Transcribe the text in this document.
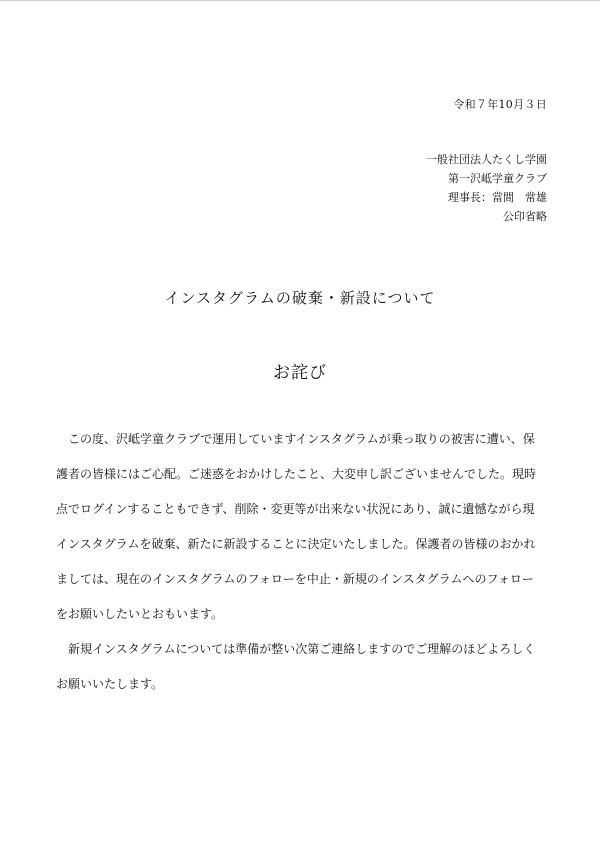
令和７年10月３日
一般社団法人たくし学園
第一沢岻学童クラブ
理事長：當間　常雄
公印省略
インスタグラムの破棄・新設について
お詫び
　この度、沢岻学童クラブで運用していますインスタグラムが乗っ取りの被害に遭い、保
護者の皆様にはご心配。ご迷惑をおかけしたこと、大変申し訳ございませんでした。現時
点でログインすることもできず、削除・変更等が出来ない状況にあり、誠に遺憾ながら現
インスタグラムを破棄、新たに新設することに決定いたしました。保護者の皆様のおかれ
ましては、現在のインスタグラムのフォローを中止・新規のインスタグラムへのフォロー
をお願いしたいとおもいます。
　新規インスタグラムについては準備が整い次第ご連絡しますのでご理解のほどよろしく
お願いいたします。
